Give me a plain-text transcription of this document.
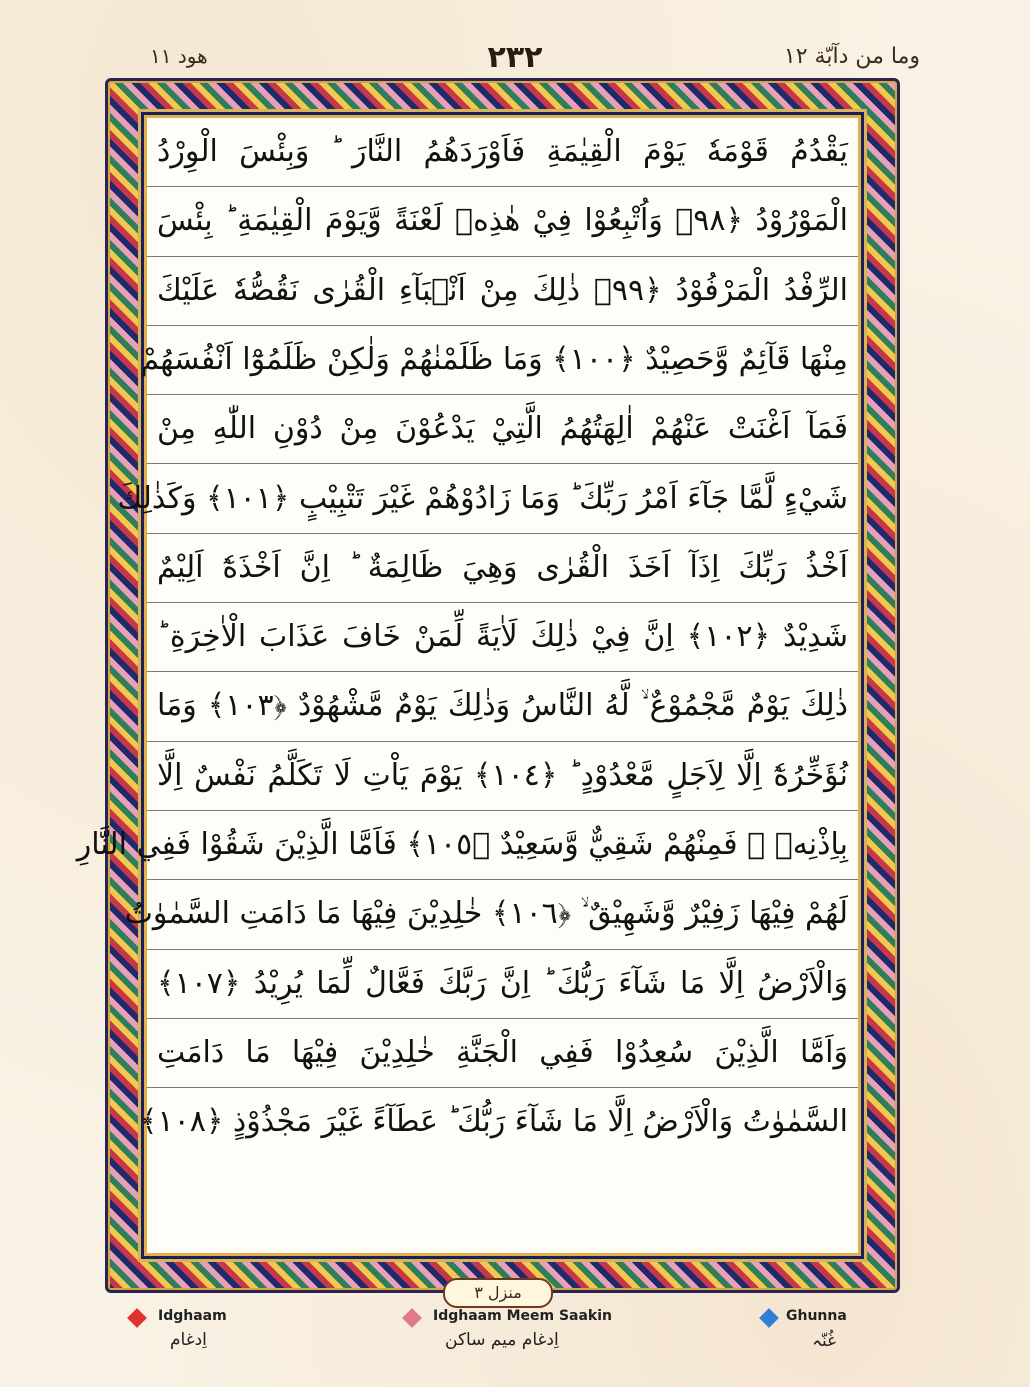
ھود ١١	٢٣٢	وما من دآبّة ١٢
يَقْدُمُ قَوْمَهٗ يَوْمَ الْقِيٰمَةِ فَاَوْرَدَهُمُ النَّارَ ؕ وَبِئْسَ الْوِرْدُ
الْمَوْرُوْدُ ﴿٩٨﴾ وَاُتْبِعُوْا فِيْ هٰذِهٖ لَعْنَةً وَّيَوْمَ الْقِيٰمَةِ ؕ بِئْسَ
الرِّفْدُ الْمَرْفُوْدُ ﴿٩٩﴾ ذٰلِكَ مِنْ اَنْۢبَآءِ الْقُرٰى نَقُصُّهٗ عَلَيْكَ
مِنْهَا قَآئِمٌ وَّحَصِيْدٌ ﴿١٠٠﴾ وَمَا ظَلَمْنٰهُمْ وَلٰكِنْ ظَلَمُوْٓا اَنْفُسَهُمْ
فَمَآ اَغْنَتْ عَنْهُمْ اٰلِهَتُهُمُ الَّتِيْ يَدْعُوْنَ مِنْ دُوْنِ اللّٰهِ مِنْ
شَيْءٍ لَّمَّا جَآءَ اَمْرُ رَبِّكَ ؕ وَمَا زَادُوْهُمْ غَيْرَ تَتْبِيْبٍ ﴿١٠١﴾ وَكَذٰلِكَ
اَخْذُ رَبِّكَ اِذَآ اَخَذَ الْقُرٰى وَهِيَ ظَالِمَةٌ ؕ اِنَّ اَخْذَهٗٓ اَلِيْمٌ
شَدِيْدٌ ﴿١٠٢﴾ اِنَّ فِيْ ذٰلِكَ لَاٰيَةً لِّمَنْ خَافَ عَذَابَ الْاٰخِرَةِ ؕ
ذٰلِكَ يَوْمٌ مَّجْمُوْعٌ ۙ لَّهُ النَّاسُ وَذٰلِكَ يَوْمٌ مَّشْهُوْدٌ ﴿١٠٣﴾ وَمَا
نُؤَخِّرُهٗٓ اِلَّا لِاَجَلٍ مَّعْدُوْدٍ ؕ ﴿١٠٤﴾ يَوْمَ يَاْتِ لَا تَكَلَّمُ نَفْسٌ اِلَّا
بِاِذْنِهٖ ۚ فَمِنْهُمْ شَقِيٌّ وَّسَعِيْدٌ ﴿١٠٥﴾ فَاَمَّا الَّذِيْنَ شَقُوْا فَفِي النَّارِ
لَهُمْ فِيْهَا زَفِيْرٌ وَّشَهِيْقٌ ۙ ﴿١٠٦﴾ خٰلِدِيْنَ فِيْهَا مَا دَامَتِ السَّمٰوٰتُ
وَالْاَرْضُ اِلَّا مَا شَآءَ رَبُّكَ ؕ اِنَّ رَبَّكَ فَعَّالٌ لِّمَا يُرِيْدُ ﴿١٠٧﴾
وَاَمَّا الَّذِيْنَ سُعِدُوْا فَفِي الْجَنَّةِ خٰلِدِيْنَ فِيْهَا مَا دَامَتِ
السَّمٰوٰتُ وَالْاَرْضُ اِلَّا مَا شَآءَ رَبُّكَ ؕ عَطَآءً غَيْرَ مَجْذُوْذٍ ﴿١٠٨﴾
منزل ٣
Idghaam
اِدغام
Idghaam Meem Saakin
اِدغام میم ساکن
Ghunna
غُنّہ
